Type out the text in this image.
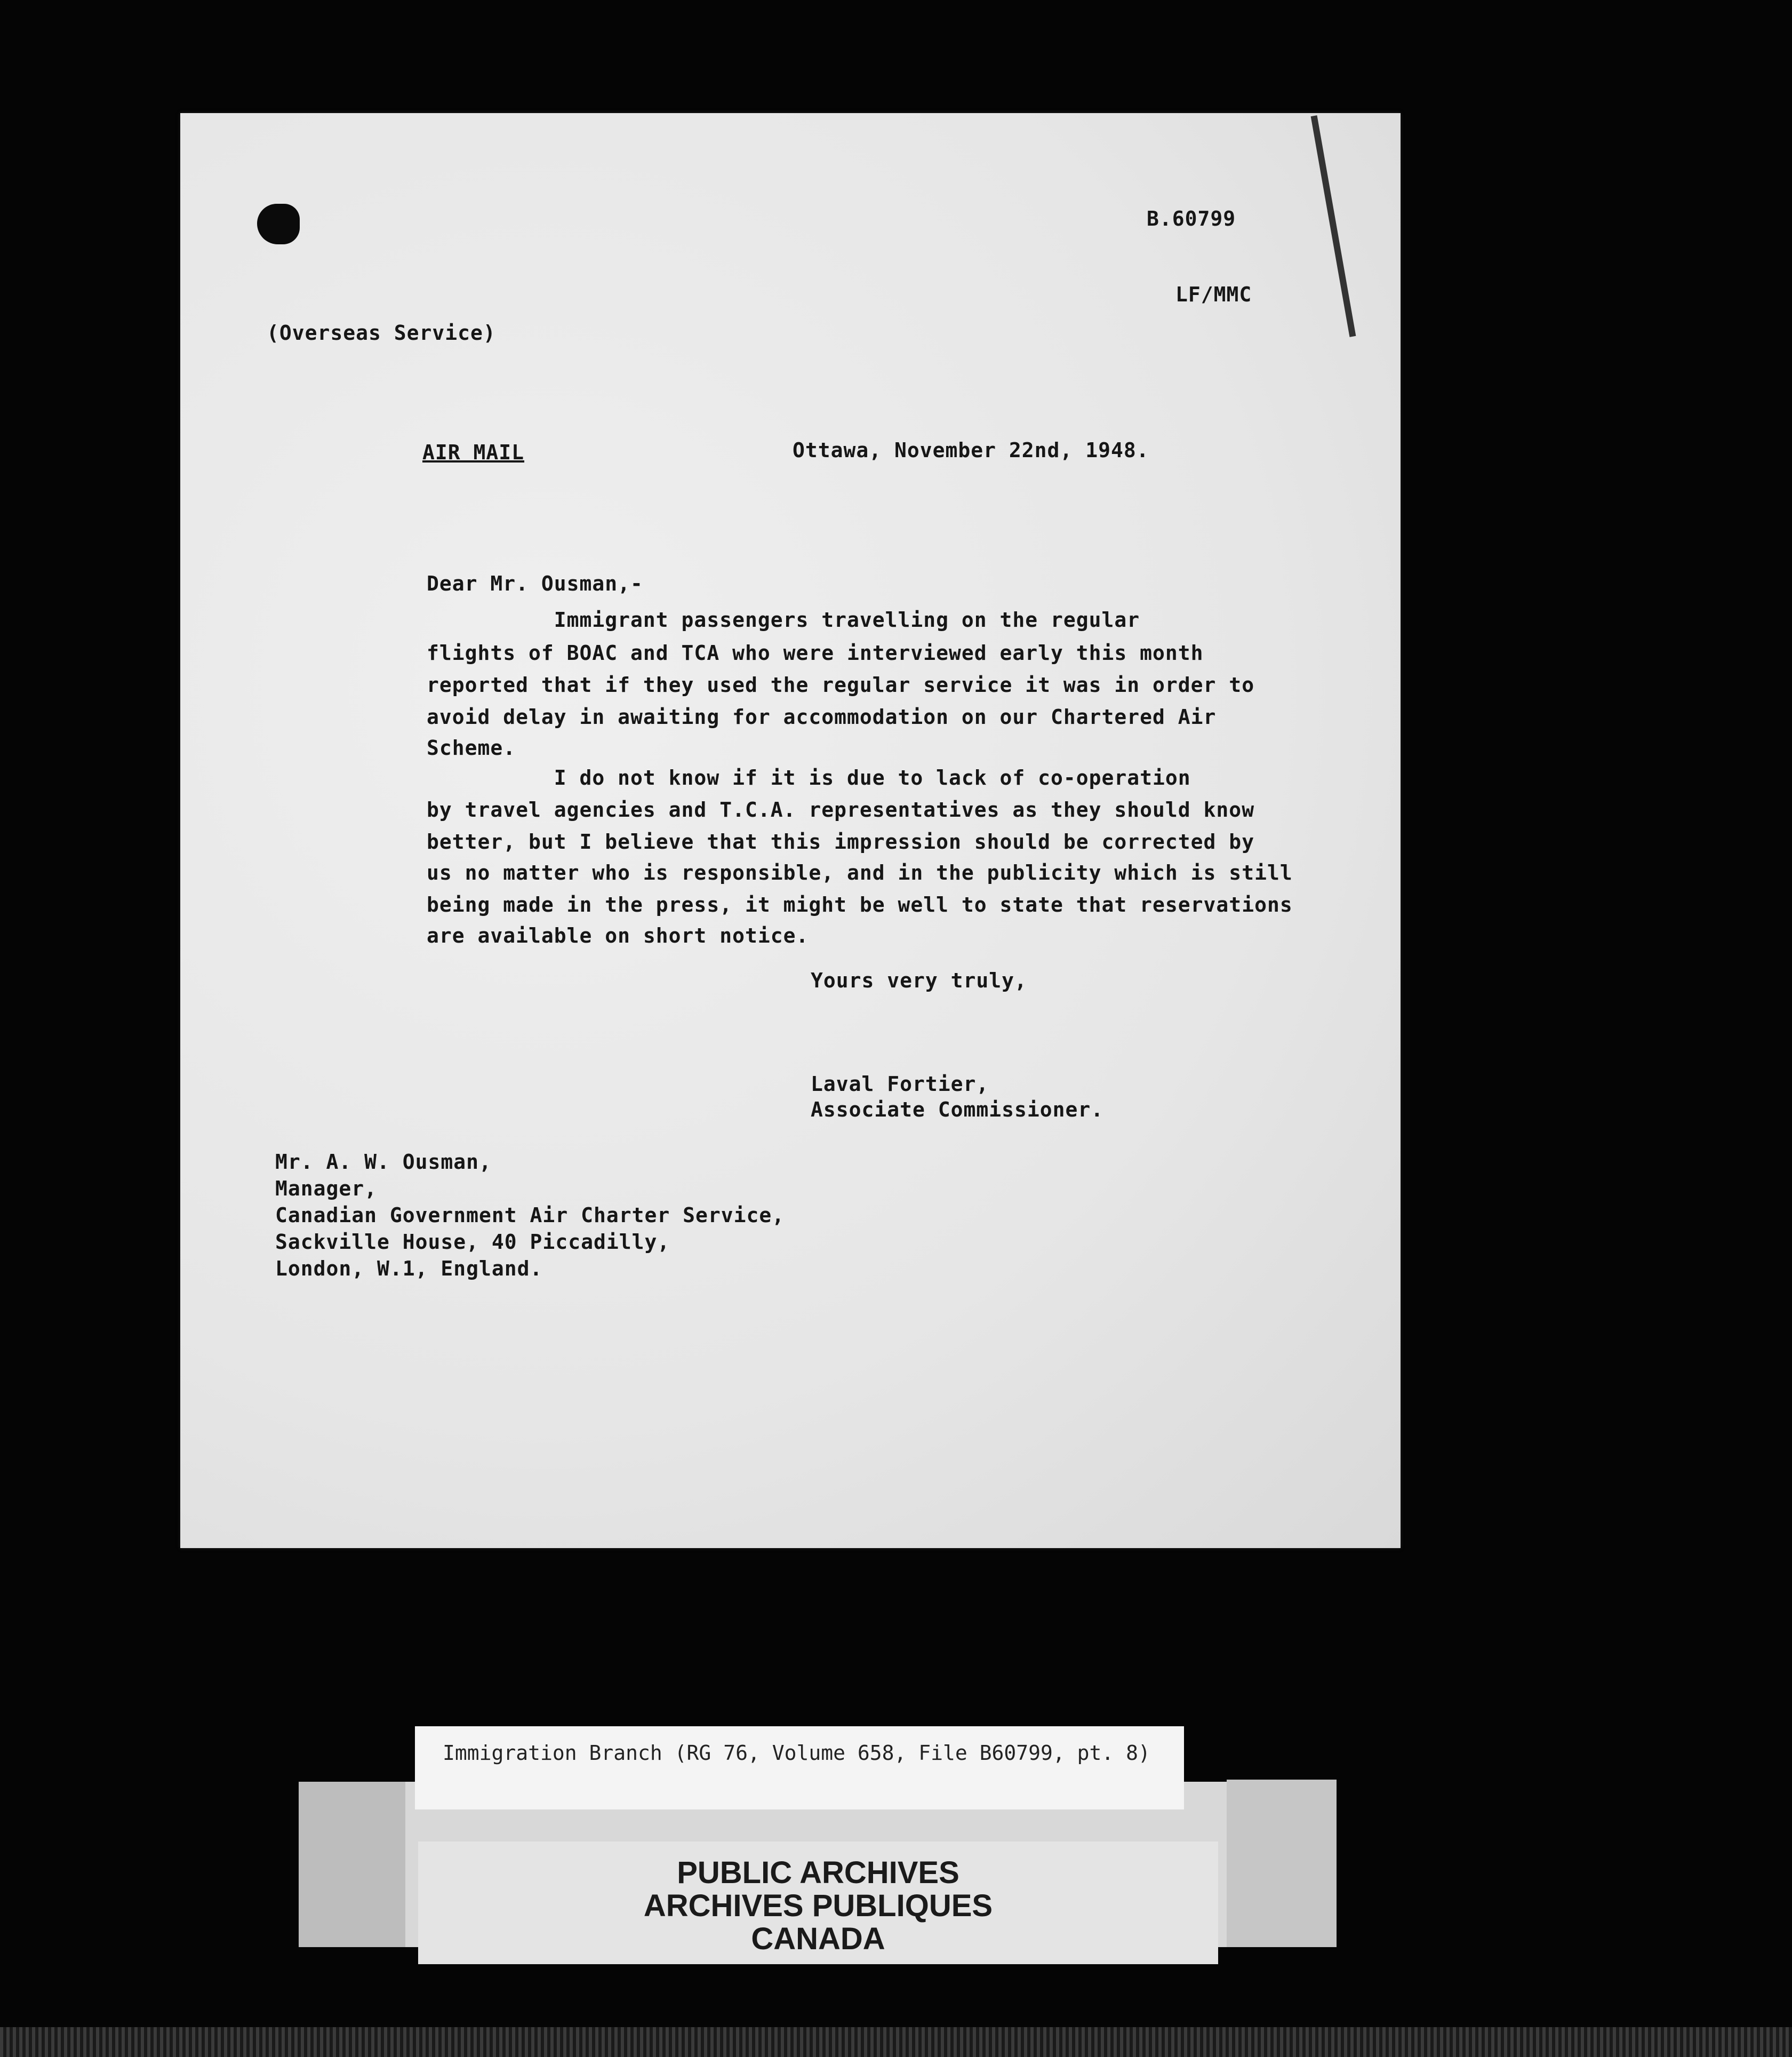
B.60799
LF/MMC
(Overseas Service)
AIR MAIL	Ottawa, November 22nd, 1948.
Dear Mr. Ousman,-
Immigrant passengers travelling on the regular
flights of BOAC and TCA who were interviewed early this month
reported that if they used the regular service it was in order to
avoid delay in awaiting for accommodation on our Chartered Air
Scheme.
I do not know if it is due to lack of co-operation
by travel agencies and T.C.A. representatives as they should know
better, but I believe that this impression should be corrected by
us no matter who is responsible, and in the publicity which is still
being made in the press, it might be well to state that reservations
are available on short notice.
Yours very truly,
Laval Fortier,
Associate Commissioner.
Mr. A. W. Ousman,
Manager,
Canadian Government Air Charter Service,
Sackville House, 40 Piccadilly,
London, W.1, England.
Immigration Branch (RG 76, Volume 658, File B60799, pt. 8)
PUBLIC ARCHIVES
ARCHIVES PUBLIQUES
CANADA
